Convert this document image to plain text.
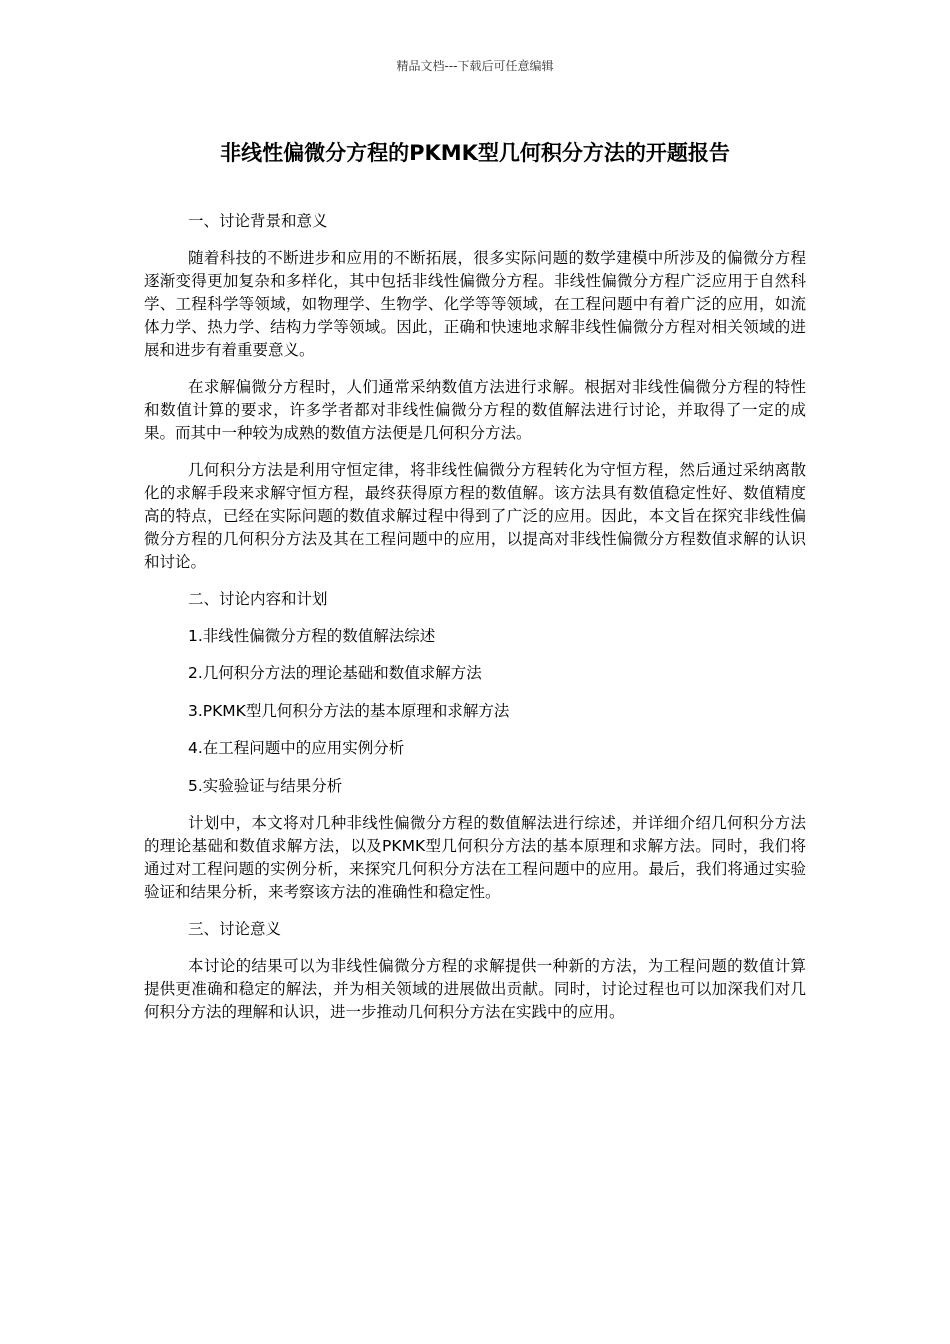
精品文档---下载后可任意编辑
非线性偏微分方程的PKMK型几何积分方法的开题报告

一、讨论背景和意义

随着科技的不断进步和应用的不断拓展，很多实际问题的数学建模中所涉及的偏微分方程逐渐变得更加复杂和多样化，其中包括非线性偏微分方程。非线性偏微分方程广泛应用于自然科学、工程科学等领域，如物理学、生物学、化学等等领域，在工程问题中有着广泛的应用，如流体力学、热力学、结构力学等领域。因此，正确和快速地求解非线性偏微分方程对相关领域的进展和进步有着重要意义。

在求解偏微分方程时，人们通常采纳数值方法进行求解。根据对非线性偏微分方程的特性和数值计算的要求，许多学者都对非线性偏微分方程的数值解法进行讨论，并取得了一定的成果。而其中一种较为成熟的数值方法便是几何积分方法。

几何积分方法是利用守恒定律，将非线性偏微分方程转化为守恒方程，然后通过采纳离散化的求解手段来求解守恒方程，最终获得原方程的数值解。该方法具有数值稳定性好、数值精度高的特点，已经在实际问题的数值求解过程中得到了广泛的应用。因此，本文旨在探究非线性偏微分方程的几何积分方法及其在工程问题中的应用，以提高对非线性偏微分方程数值求解的认识和讨论。

二、讨论内容和计划

1.非线性偏微分方程的数值解法综述

2.几何积分方法的理论基础和数值求解方法

3.PKMK型几何积分方法的基本原理和求解方法

4.在工程问题中的应用实例分析

5.实验验证与结果分析

计划中，本文将对几种非线性偏微分方程的数值解法进行综述，并详细介绍几何积分方法的理论基础和数值求解方法，以及PKMK型几何积分方法的基本原理和求解方法。同时，我们将通过对工程问题的实例分析，来探究几何积分方法在工程问题中的应用。最后，我们将通过实验验证和结果分析，来考察该方法的准确性和稳定性。

三、讨论意义

本讨论的结果可以为非线性偏微分方程的求解提供一种新的方法，为工程问题的数值计算提供更准确和稳定的解法，并为相关领域的进展做出贡献。同时，讨论过程也可以加深我们对几何积分方法的理解和认识，进一步推动几何积分方法在实践中的应用。
